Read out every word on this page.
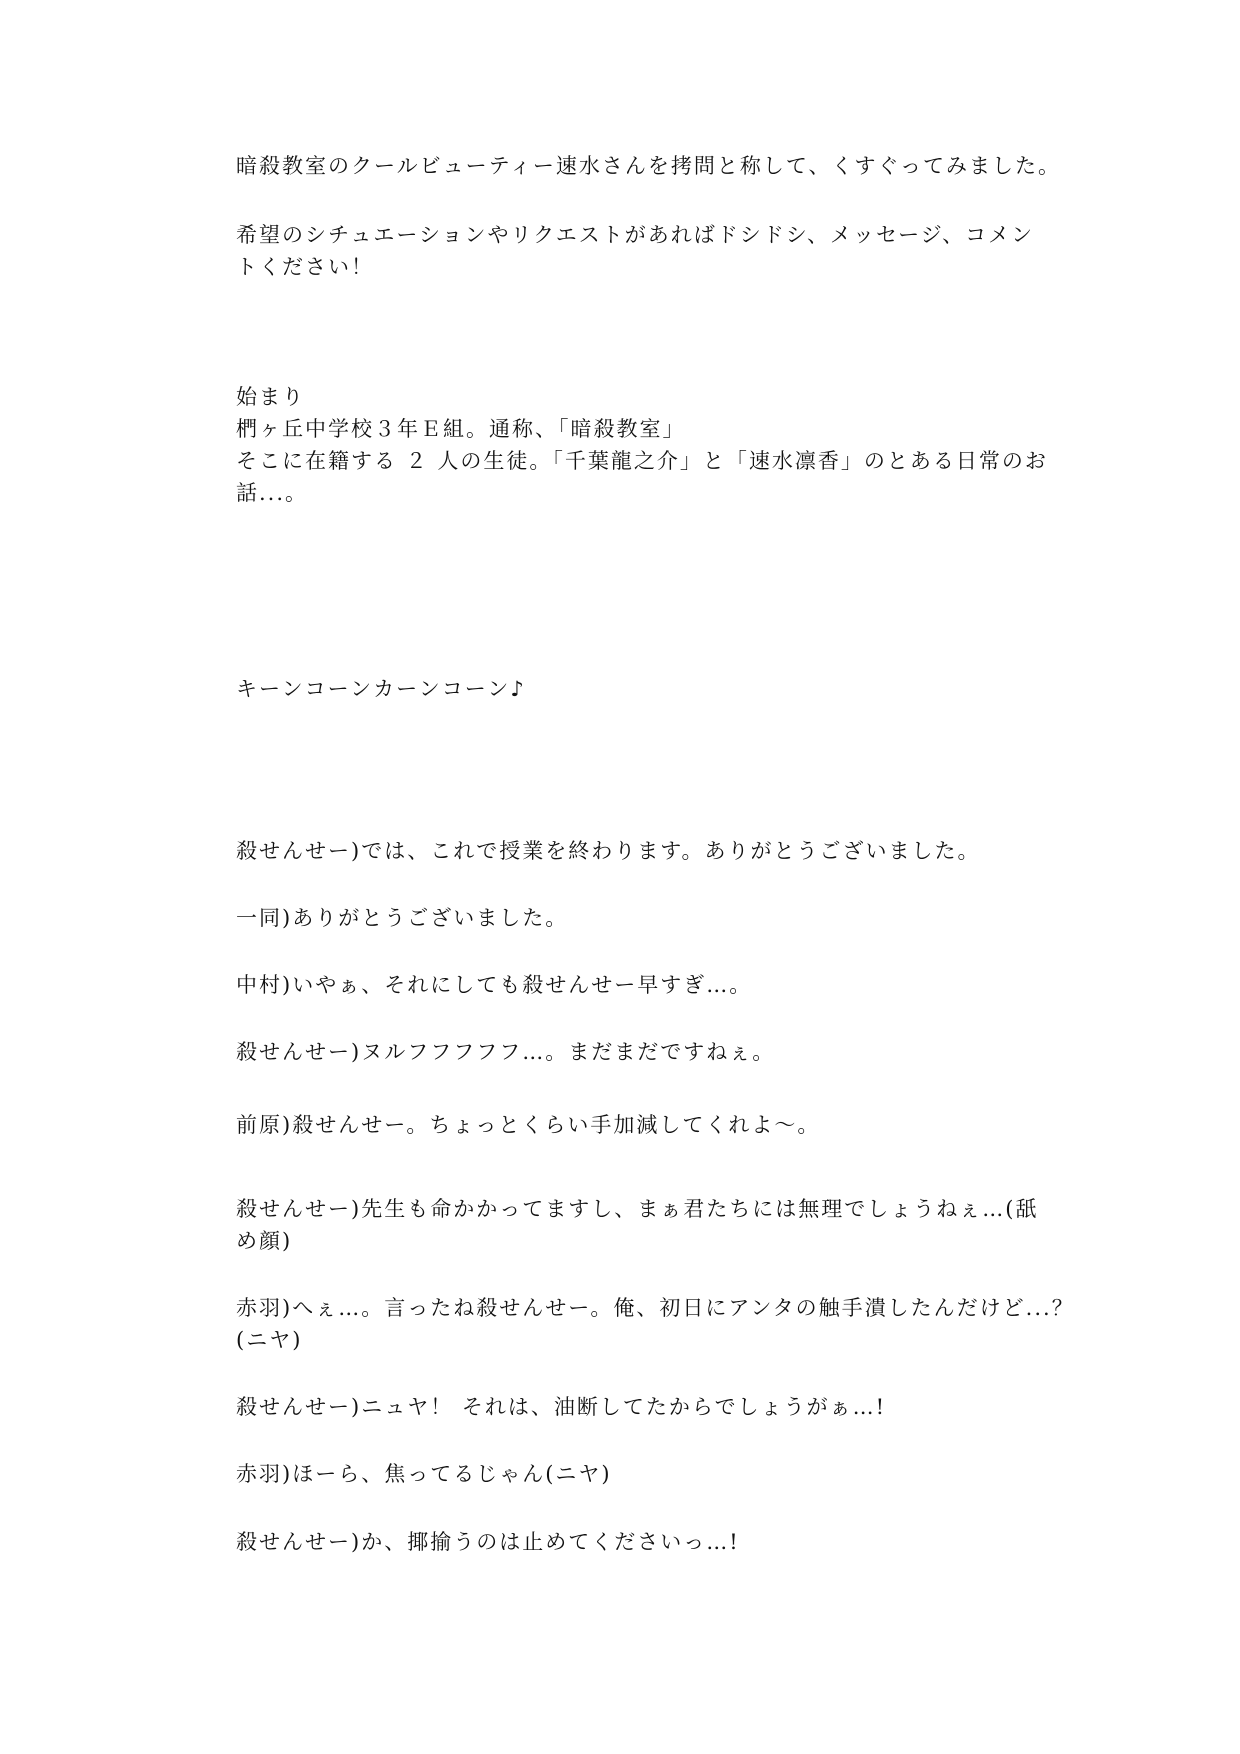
暗殺教室のクールビューティー速水さんを拷問と称して、くすぐってみました。
希望のシチュエーションやリクエストがあればドシドシ、メッセージ、コメン
トください！
始まり
椚ヶ丘中学校３年Ｅ組。通称、「暗殺教室」
そこに在籍する ２ 人の生徒。「千葉龍之介」と「速水凛香」のとある日常のお
話...。
キーンコーンカーンコーン♪
殺せんせー)では、これで授業を終わります。ありがとうございました。
一同)ありがとうございました。
中村)いやぁ、それにしても殺せんせー早すぎ…。
殺せんせー)ヌルフフフフフ…。まだまだですねぇ。
前原)殺せんせー。ちょっとくらい手加減してくれよ〜。
殺せんせー)先生も命かかってますし、まぁ君たちには無理でしょうねぇ…(舐
め顔)
赤羽)へぇ…。言ったね殺せんせー。俺、初日にアンタの触手潰したんだけど...？
(ニヤ)
殺せんせー)ニュヤ！ それは、油断してたからでしょうがぁ…!
赤羽)ほーら、焦ってるじゃん(ニヤ)
殺せんせー)か、揶揄うのは止めてくださいっ…!
